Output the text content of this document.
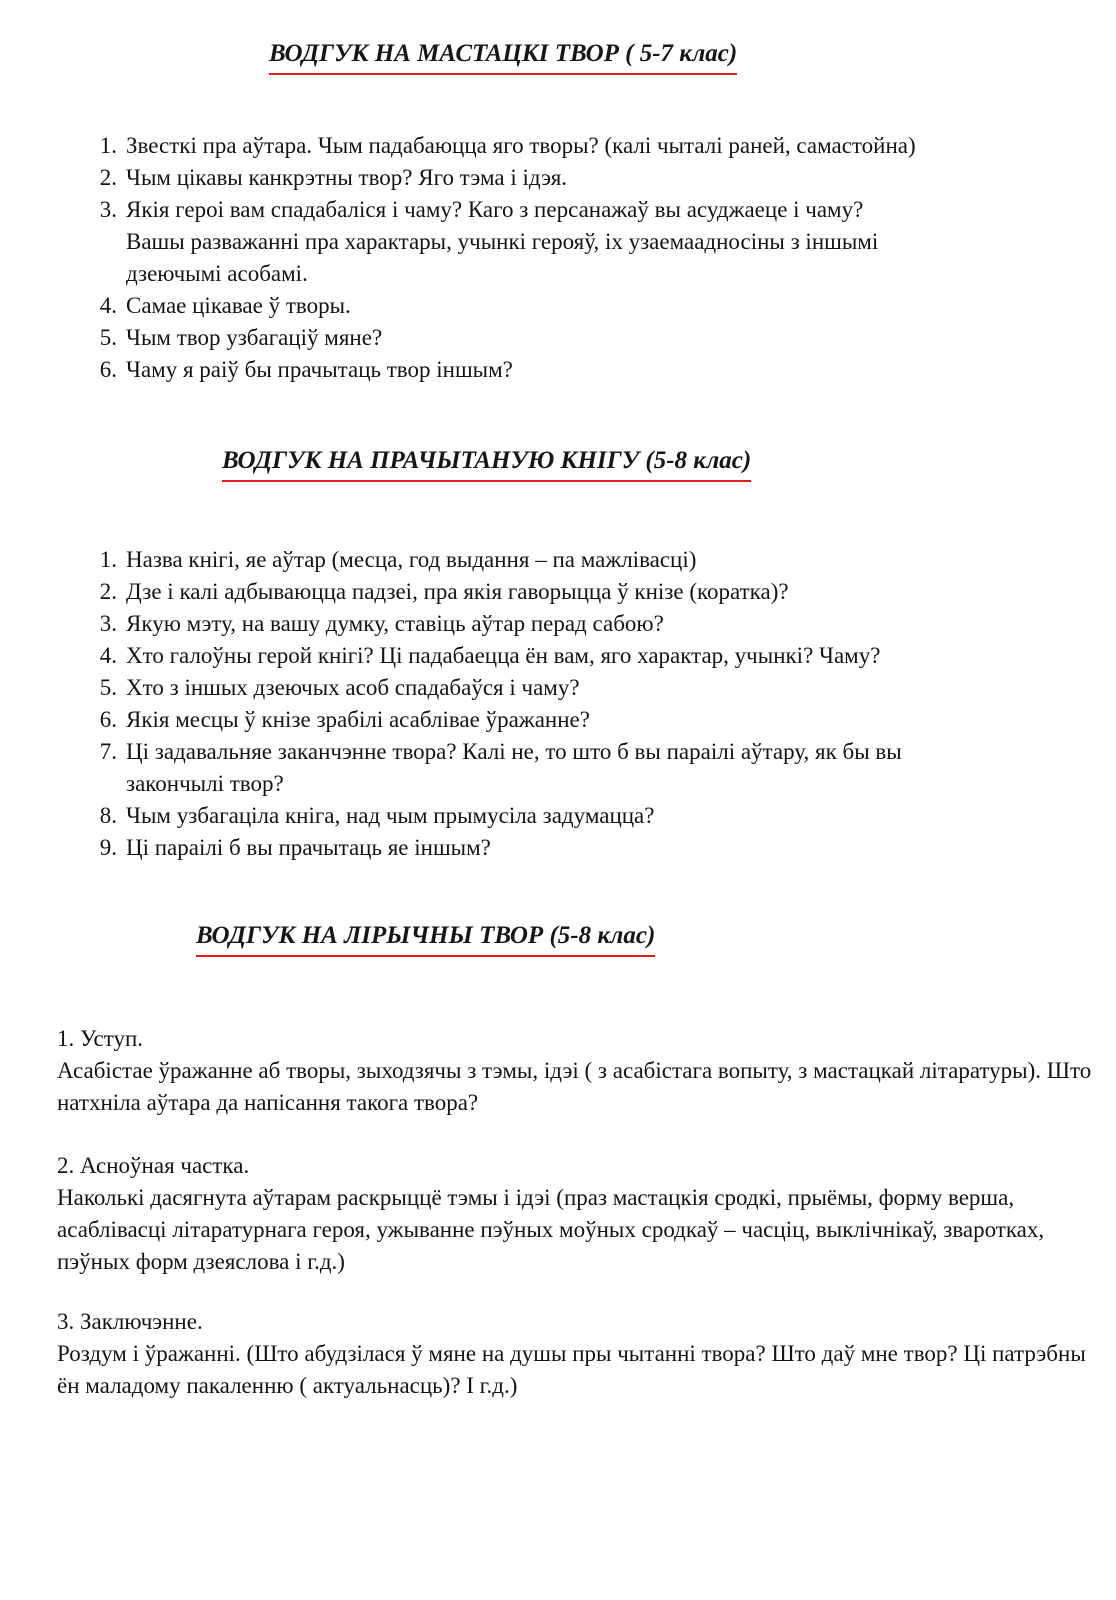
ВОДГУК НА МАСТАЦКІ ТВОР ( 5-7 клас)
1. Звесткі пра аўтара. Чым падабаюцца яго творы? (калі чыталі раней, самастойна)
2. Чым цікавы канкрэтны твор? Яго тэма і ідэя.
3. Якія героі вам спадабаліся і чаму? Каго з персанажаў вы асуджаеце і чаму?
Вашы разважанні пра характары, учынкі герояў, іх узаемаадносіны з іншымі
дзеючымі асобамі.
4. Самае цікавае ў творы.
5. Чым твор узбагаціў мяне?
6. Чаму я раіў бы прачытаць твор іншым?
ВОДГУК НА ПРАЧЫТАНУЮ КНІГУ (5-8 клас)
1. Назва кнігі, яе аўтар (месца, год выдання – па мажлівасці)
2. Дзе і калі адбываюцца падзеі, пра якія гаворыцца ў кнізе (коратка)?
3. Якую мэту, на вашу думку, ставіць аўтар перад сабою?
4. Хто галоўны герой кнігі? Ці падабаецца ён вам, яго характар, учынкі? Чаму?
5. Хто з іншых дзеючых асоб спадабаўся і чаму?
6. Якія месцы ў кнізе зрабілі асаблівае ўражанне?
7. Ці задавальняе заканчэнне твора? Калі не, то што б вы параілі аўтару, як бы вы
закончылі твор?
8. Чым узбагаціла кніга, над чым прымусіла задумацца?
9. Ці параілі б вы прачытаць яе іншым?
ВОДГУК НА ЛІРЫЧНЫ ТВОР (5-8 клас)
1. Уступ.
Асабістае ўражанне аб творы, зыходзячы з тэмы, ідэі ( з асабістага вопыту, з мастацкай літаратуры). Што натхніла аўтара да напісання такога твора?
2. Асноўная частка.
Наколькі дасягнута аўтарам раскрыццё тэмы і ідэі (праз мастацкія сродкі, прыёмы, форму верша, асаблівасці літаратурнага героя, ужыванне пэўных моўных сродкаў – часціц, выклічнікаў, зваротках, пэўных форм дзеяслова і г.д.)
3. Заключэнне.
Роздум і ўражанні. (Што абудзілася ў мяне на душы пры чытанні твора? Што даў мне твор? Ці патрэбны ён маладому пакаленню ( актуальнасць)? І г.д.)
